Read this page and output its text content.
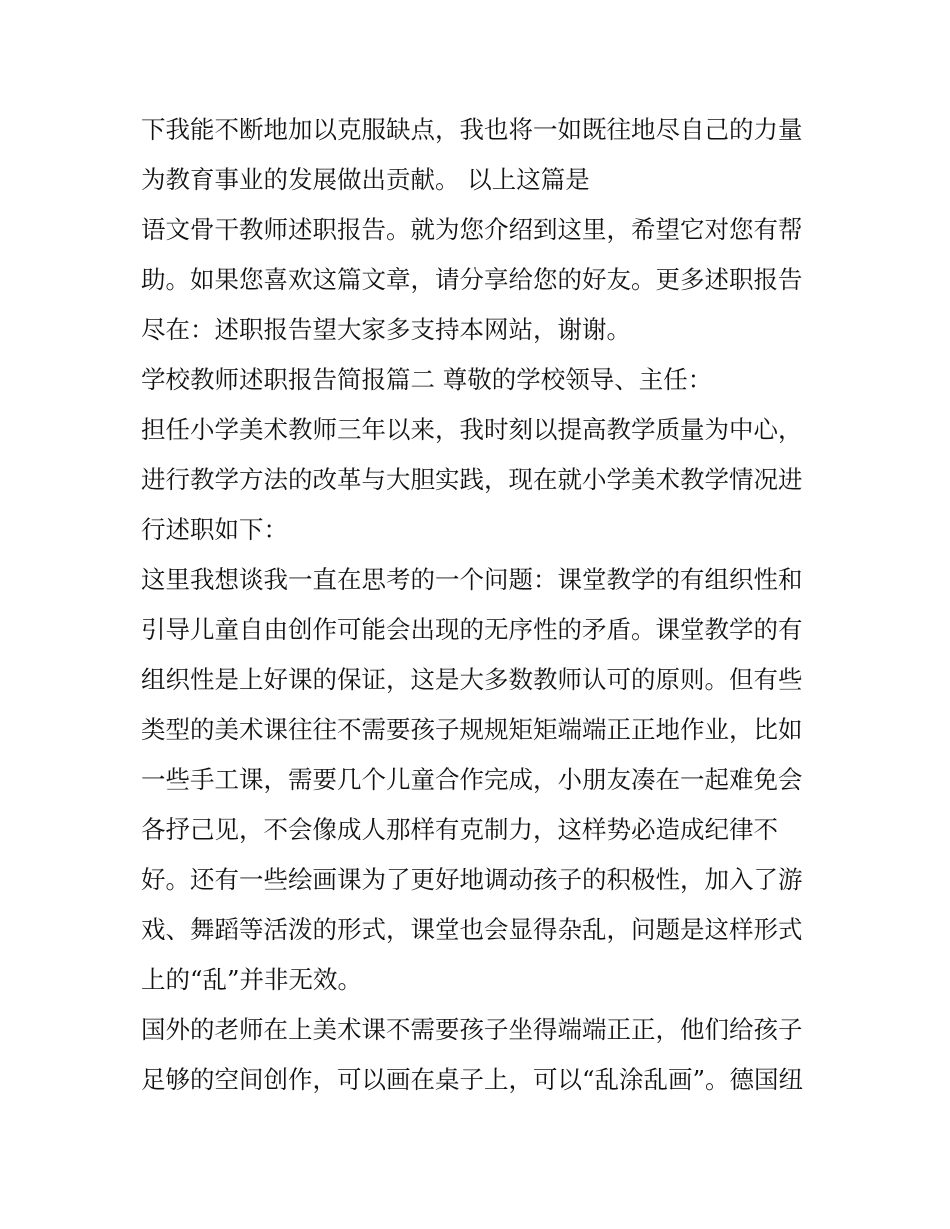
下我能不断地加以克服缺点，我也将一如既往地尽自己的力量
为教育事业的发展做出贡献。 以上这篇是
语文骨干教师述职报告。就为您介绍到这里，希望它对您有帮
助。如果您喜欢这篇文章，请分享给您的好友。更多述职报告
尽在：述职报告望大家多支持本网站，谢谢。
学校教师述职报告简报篇二 尊敬的学校领导、主任：
担任小学美术教师三年以来，我时刻以提高教学质量为中心，
进行教学方法的改革与大胆实践，现在就小学美术教学情况进
行述职如下：
这里我想谈我一直在思考的一个问题：课堂教学的有组织性和
引导儿童自由创作可能会出现的无序性的矛盾。课堂教学的有
组织性是上好课的保证，这是大多数教师认可的原则。但有些
类型的美术课往往不需要孩子规规矩矩端端正正地作业，比如
一些手工课，需要几个儿童合作完成，小朋友凑在一起难免会
各抒己见，不会像成人那样有克制力，这样势必造成纪律不
好。还有一些绘画课为了更好地调动孩子的积极性，加入了游
戏、舞蹈等活泼的形式，课堂也会显得杂乱，问题是这样形式
上的“乱”并非无效。
国外的老师在上美术课不需要孩子坐得端端正正，他们给孩子
足够的空间创作，可以画在桌子上，可以“乱涂乱画”。德国纽
